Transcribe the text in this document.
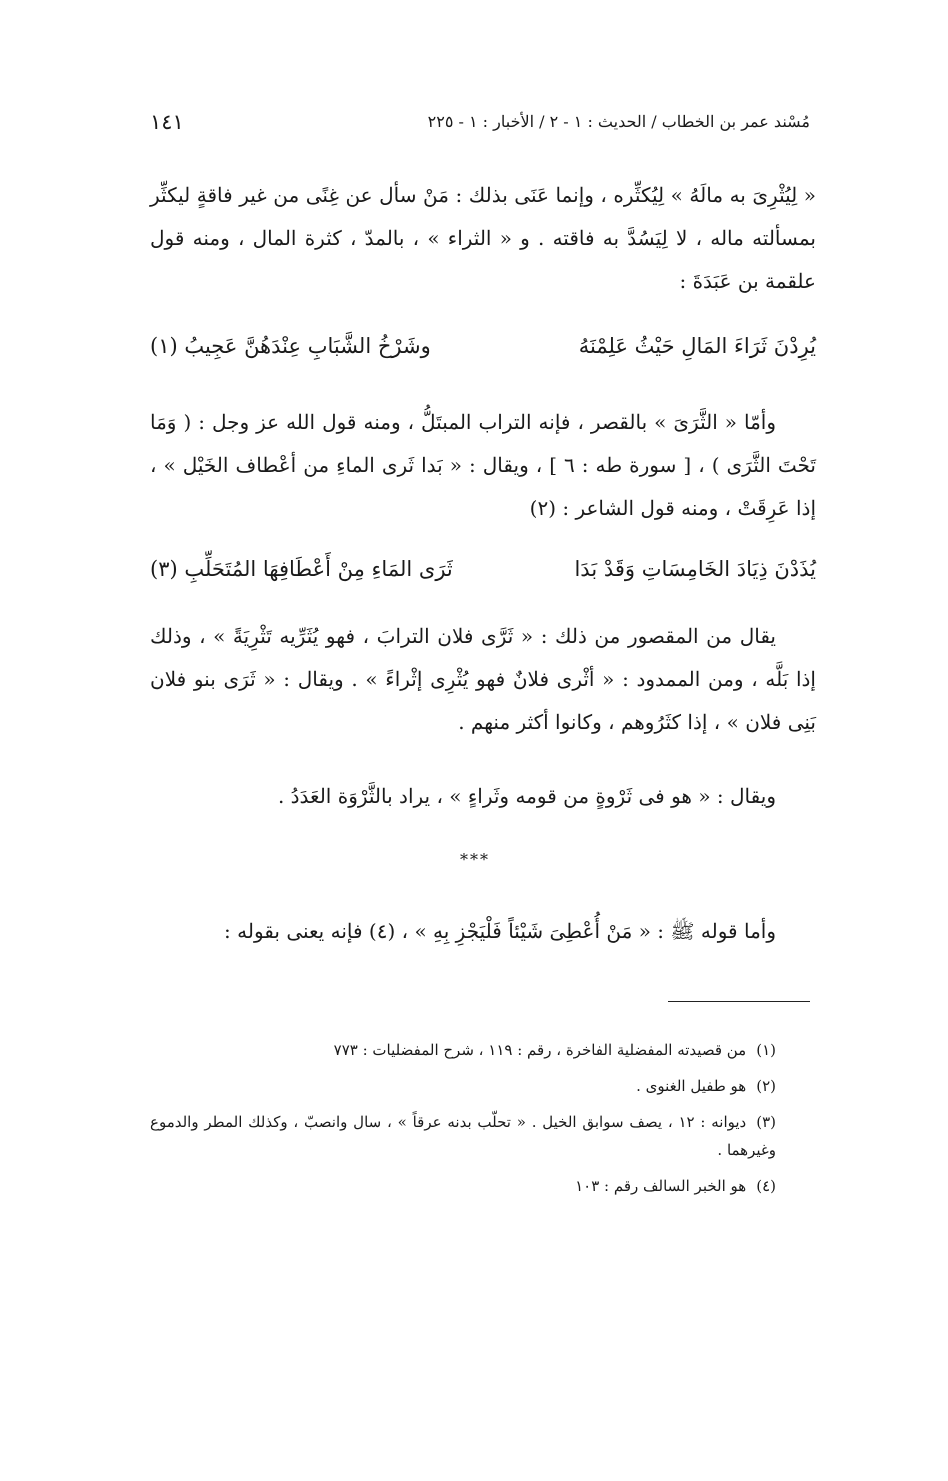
مُسْند عمر بن الخطاب / الحديث : ١ - ٢ / الأخبار : ١ - ٢٢٥
١٤١
« لِيُثْرِىَ به مالَهُ » لِيُكثِّره ، وإنما عَنَى بذلك : مَنْ سأل عن غِنًى من غير فاقةٍ ليكثِّر بمسألته ماله ، لا لِيَسُدَّ به فاقته . و « الثراء » ، بالمدّ ، كثرة المال ، ومنه قول علقمة بن عَبَدَةَ :
يُرِدْنَ ثَرَاءَ المَالِ حَيْثُ عَلِمْنَهُ
وشَرْخُ الشَّبَابِ عِنْدَهُنَّ عَجِيبُ (١)
وأمّا « الثَّرَىَ » بالقصر ، فإنه التراب المبتَلُّ ، ومنه قول الله عز وجل : ( وَمَا تَحْتَ الثَّرَى ) ، [ سورة طه : ٦ ] ، ويقال : « بَدا ثَرى الماءِ من أعْطاف الخَيْل » ، إذا عَرِقَتْ ، ومنه قول الشاعر : (٢)
يُذَدْنَ ذِيَادَ الخَامِسَاتِ وَقَدْ بَدَا
ثَرَى المَاءِ مِنْ أَعْطَافِهَا المُتَحَلِّبِ (٣)
يقال من المقصور من ذلك : « ثَرَّى فلان الترابَ ، فهو يُثَرِّيه تَثْرِيَةً » ، وذلك إذا بَلَّه ، ومن الممدود : « أثْرى فلانٌ فهو يُثْرِى إثْراءً » . ويقال : « ثَرَى بنو فلان بَنِى فلان » ، إذا كثَرُوهم ، وكانوا أكثر منهم .
ويقال : « هو فى ثَرْوةٍ من قومه وثَراءٍ » ، يراد بالثَّرْوَة العَدَدُ .
***
وأما قوله ﷺ : « مَنْ أُعْطِىَ شَيْئاً فَلْيَجْزِ بِهِ » ، (٤) فإنه يعنى بقوله :
(١)من قصيدته المفضلية الفاخرة ، رقم : ١١٩ ، شرح المفضليات : ٧٧٣
(٢)هو طفيل الغنوى .
(٣)ديوانه : ١٢ ، يصف سوابق الخيل . « تحلّب بدنه عرقاً » ، سال وانصبّ ، وكذلك المطر والدموع وغيرهما .
(٤)هو الخبر السالف رقم : ١٠٣
